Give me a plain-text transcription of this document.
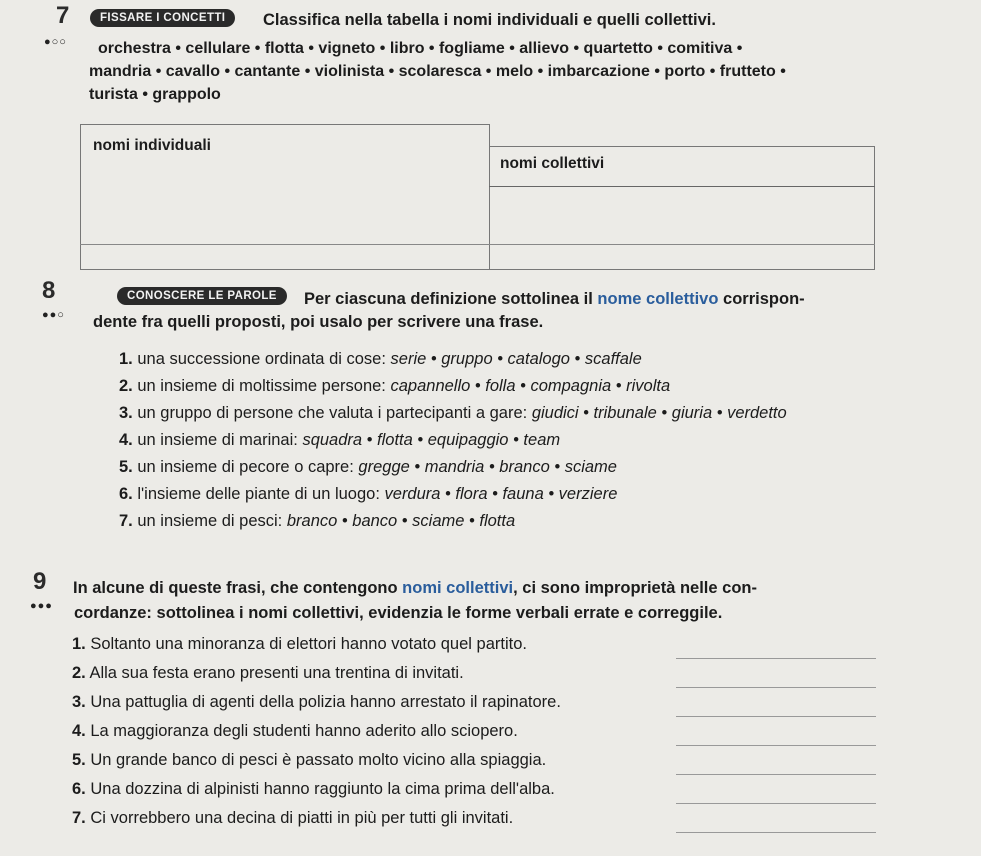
7
●○○
FISSARE I CONCETTI	Classifica nella tabella i nomi individuali e quelli collettivi.
orchestra • cellulare • flotta • vigneto • libro • fogliame • allievo • quartetto • comitiva •
mandria • cavallo • cantante • violinista • scolaresca • melo • imbarcazione • porto • frutteto •
turista • grappolo
nomi individuali
nomi collettivi
8
●●○
CONOSCERE LE PAROLE	Per ciascuna definizione sottolinea il nome collettivo corrispon-
dente fra quelli proposti, poi usalo per scrivere una frase.
1. una successione ordinata di cose: serie • gruppo • catalogo • scaffale
2. un insieme di moltissime persone: capannello • folla • compagnia • rivolta
3. un gruppo di persone che valuta i partecipanti a gare: giudici • tribunale • giuria • verdetto
4. un insieme di marinai: squadra • flotta • equipaggio • team
5. un insieme di pecore o capre: gregge • mandria • branco • sciame
6. l'insieme delle piante di un luogo: verdura • flora • fauna • verziere
7. un insieme di pesci: branco • banco • sciame • flotta
9
●●●
In alcune di queste frasi, che contengono nomi collettivi, ci sono improprietà nelle con-
cordanze: sottolinea i nomi collettivi, evidenzia le forme verbali errate e correggile.
1. Soltanto una minoranza di elettori hanno votato quel partito.
2. Alla sua festa erano presenti una trentina di invitati.
3. Una pattuglia di agenti della polizia hanno arrestato il rapinatore.
4. La maggioranza degli studenti hanno aderito allo sciopero.
5. Un grande banco di pesci è passato molto vicino alla spiaggia.
6. Una dozzina di alpinisti hanno raggiunto la cima prima dell'alba.
7. Ci vorrebbero una decina di piatti in più per tutti gli invitati.
